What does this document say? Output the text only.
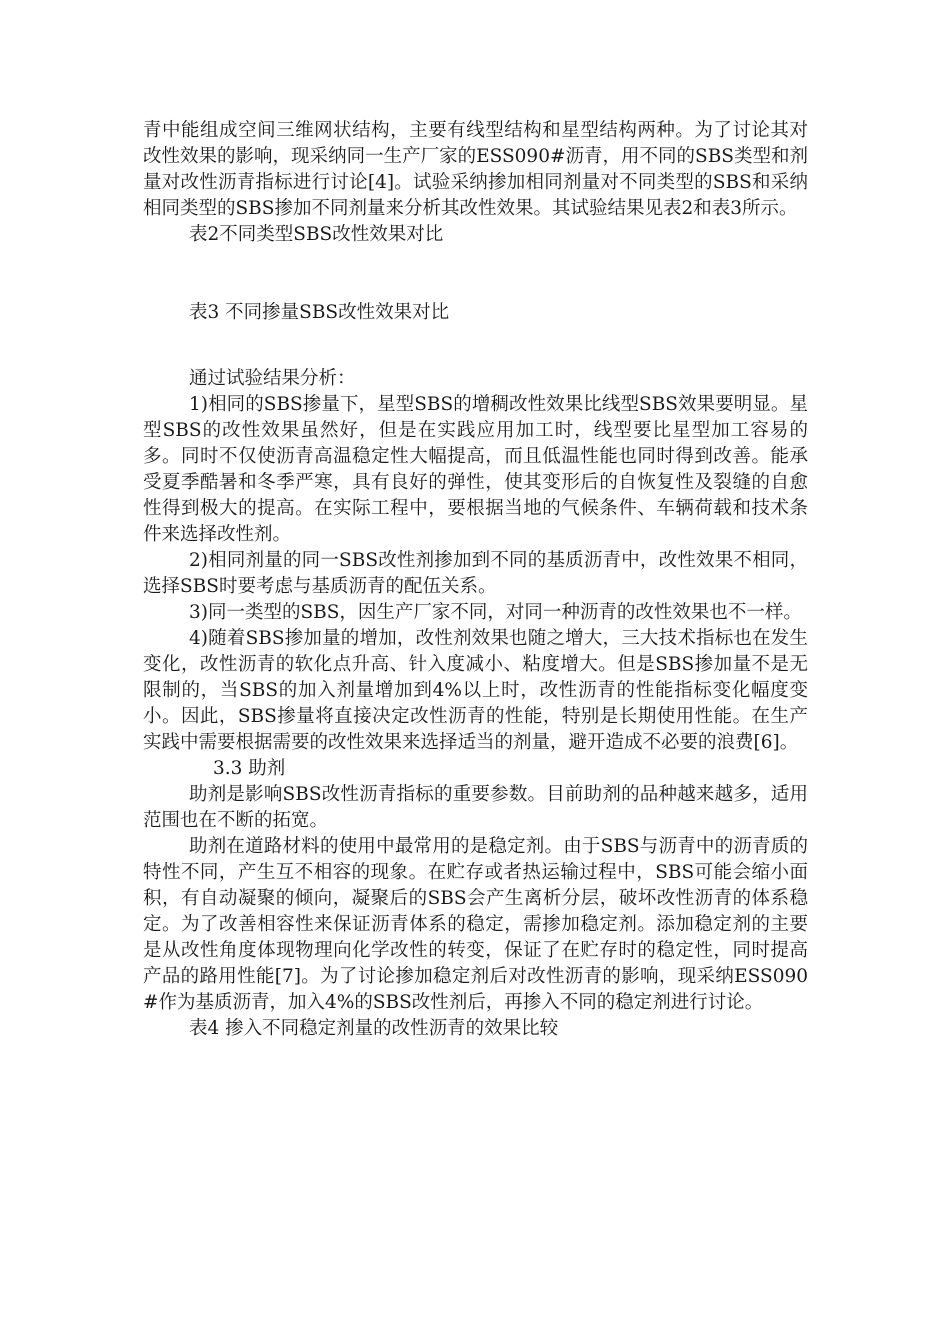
青中能组成空间三维网状结构，主要有线型结构和星型结构两种。为了讨论其对改性效果的影响，现采纳同一生产厂家的ESS090#沥青，用不同的SBS类型和剂量对改性沥青指标进行讨论[4]。试验采纳掺加相同剂量对不同类型的SBS和采纳相同类型的SBS掺加不同剂量来分析其改性效果。其试验结果见表2和表3所示。

表2不同类型SBS改性效果对比

表3 不同掺量SBS改性效果对比

通过试验结果分析：

1)相同的SBS掺量下，星型SBS的增稠改性效果比线型SBS效果要明显。星型SBS的改性效果虽然好，但是在实践应用加工时，线型要比星型加工容易的多。同时不仅使沥青高温稳定性大幅提高，而且低温性能也同时得到改善。能承受夏季酷暑和冬季严寒，具有良好的弹性，使其变形后的自恢复性及裂缝的自愈性得到极大的提高。在实际工程中，要根据当地的气候条件、车辆荷载和技术条件来选择改性剂。

2)相同剂量的同一SBS改性剂掺加到不同的基质沥青中，改性效果不相同，选择SBS时要考虑与基质沥青的配伍关系。

3)同一类型的SBS，因生产厂家不同，对同一种沥青的改性效果也不一样。

4)随着SBS掺加量的增加，改性剂效果也随之增大，三大技术指标也在发生变化，改性沥青的软化点升高、针入度减小、粘度增大。但是SBS掺加量不是无限制的，当SBS的加入剂量增加到4%以上时，改性沥青的性能指标变化幅度变小。因此，SBS掺量将直接决定改性沥青的性能，特别是长期使用性能。在生产实践中需要根据需要的改性效果来选择适当的剂量，避开造成不必要的浪费[6]。

3.3 助剂

助剂是影响SBS改性沥青指标的重要参数。目前助剂的品种越来越多，适用范围也在不断的拓宽。

助剂在道路材料的使用中最常用的是稳定剂。由于SBS与沥青中的沥青质的特性不同，产生互不相容的现象。在贮存或者热运输过程中，SBS可能会缩小面积，有自动凝聚的倾向，凝聚后的SBS会产生离析分层，破坏改性沥青的体系稳定。为了改善相容性来保证沥青体系的稳定，需掺加稳定剂。添加稳定剂的主要是从改性角度体现物理向化学改性的转变，保证了在贮存时的稳定性，同时提高产品的路用性能[7]。为了讨论掺加稳定剂后对改性沥青的影响，现采纳ESS090#作为基质沥青，加入4%的SBS改性剂后，再掺入不同的稳定剂进行讨论。

表4 掺入不同稳定剂量的改性沥青的效果比较
